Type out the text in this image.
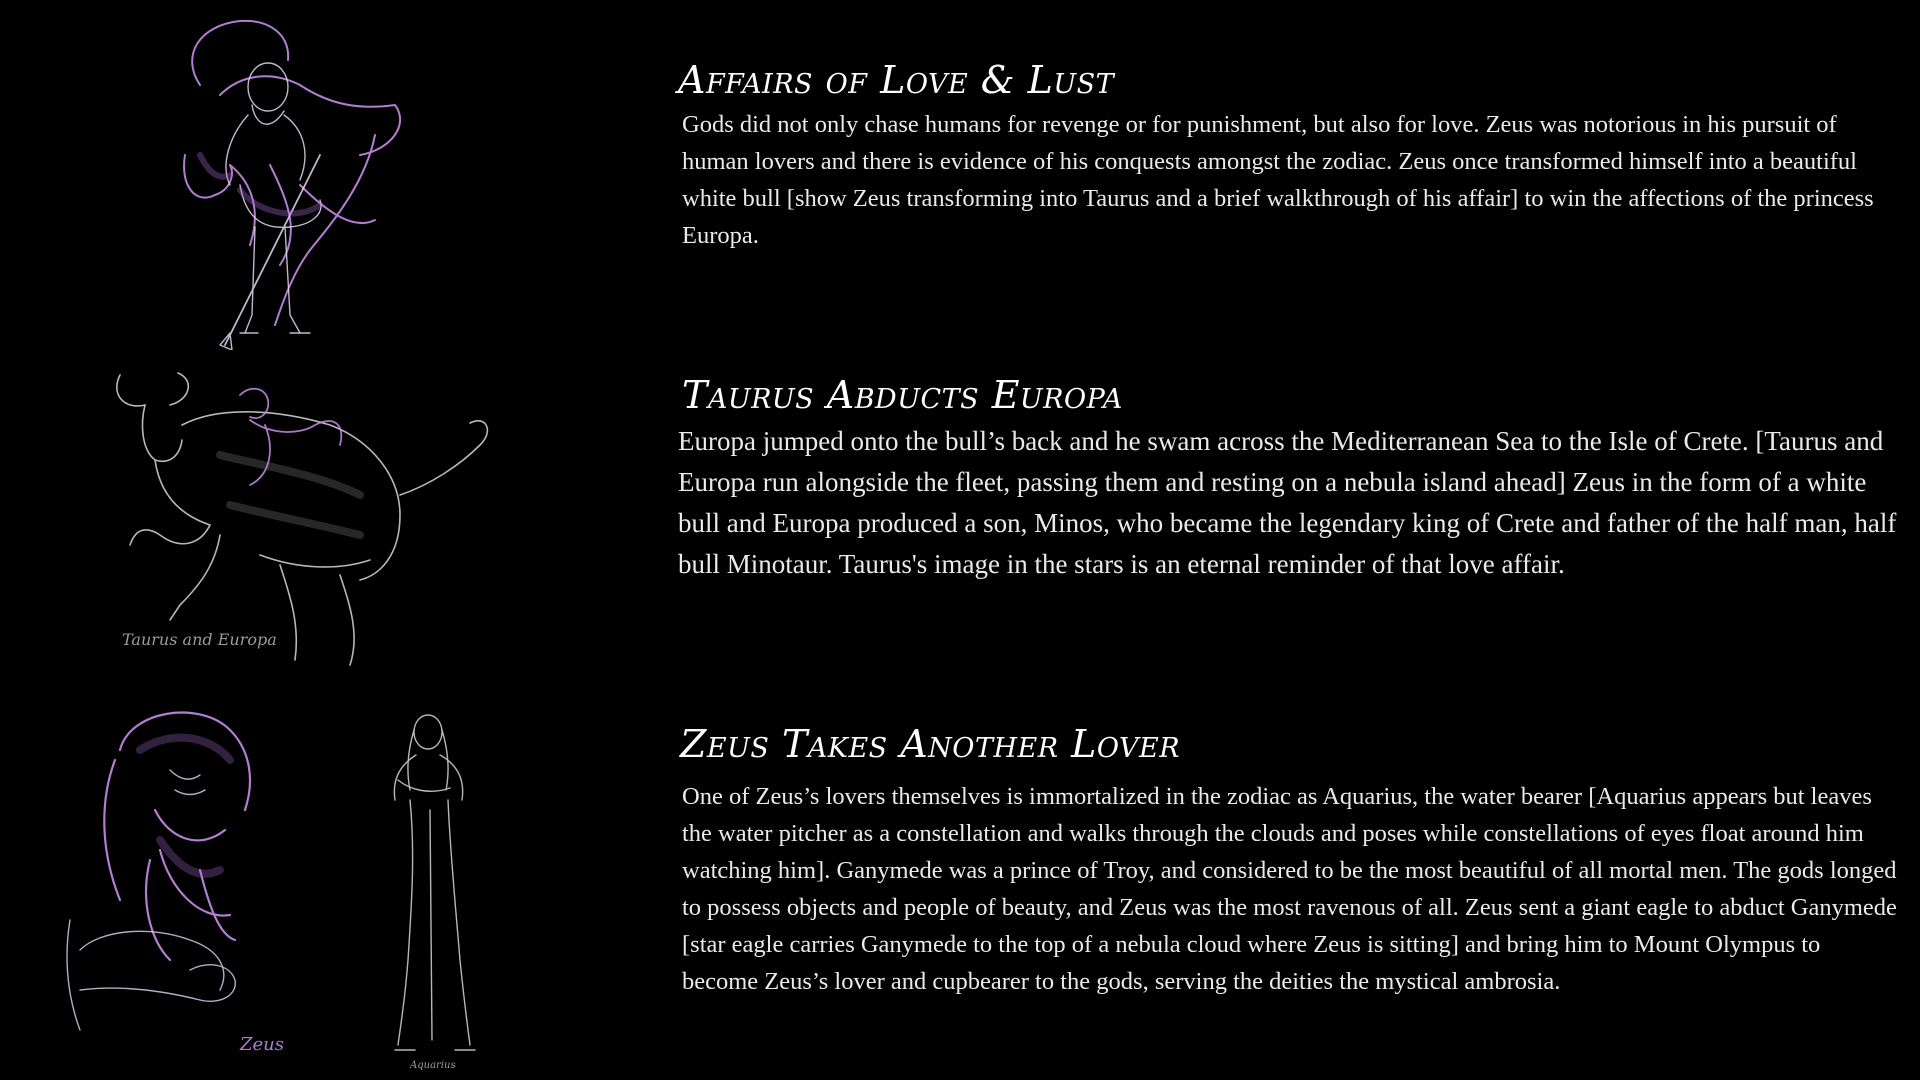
Taurus and Europa
Zeus
Aquarius
Affairs of Love & Lust

Gods did not only chase humans for revenge or for punishment, but also for love. Zeus was notorious in his pursuit of human lovers and there is evidence of his conquests amongst the zodiac. Zeus once transformed himself into a beautiful white bull [show Zeus transforming into Taurus and a brief walkthrough of his affair] to win the affections of the princess Europa.

Taurus Abducts Europa

Europa jumped onto the bull’s back and he swam across the Mediterranean Sea to the Isle of Crete. [Taurus and Europa run alongside the fleet, passing them and resting on a nebula island ahead] Zeus in the form of a white bull and Europa produced a son, Minos, who became the legendary king of Crete and father of the half man, half bull Minotaur. Taurus's image in the stars is an eternal reminder of that love affair.

Zeus Takes Another Lover

One of Zeus’s lovers themselves is immortalized in the zodiac as Aquarius, the water bearer [Aquarius appears but leaves the water pitcher as a constellation and walks through the clouds and poses while constellations of eyes float around him watching him]. Ganymede was a prince of Troy, and considered to be the most beautiful of all mortal men. The gods longed to possess objects and people of beauty, and Zeus was the most ravenous of all. Zeus sent a giant eagle to abduct Ganymede [star eagle carries Ganymede to the top of a nebula cloud where Zeus is sitting] and bring him to Mount Olympus to become Zeus’s lover and cupbearer to the gods, serving the deities the mystical ambrosia.
